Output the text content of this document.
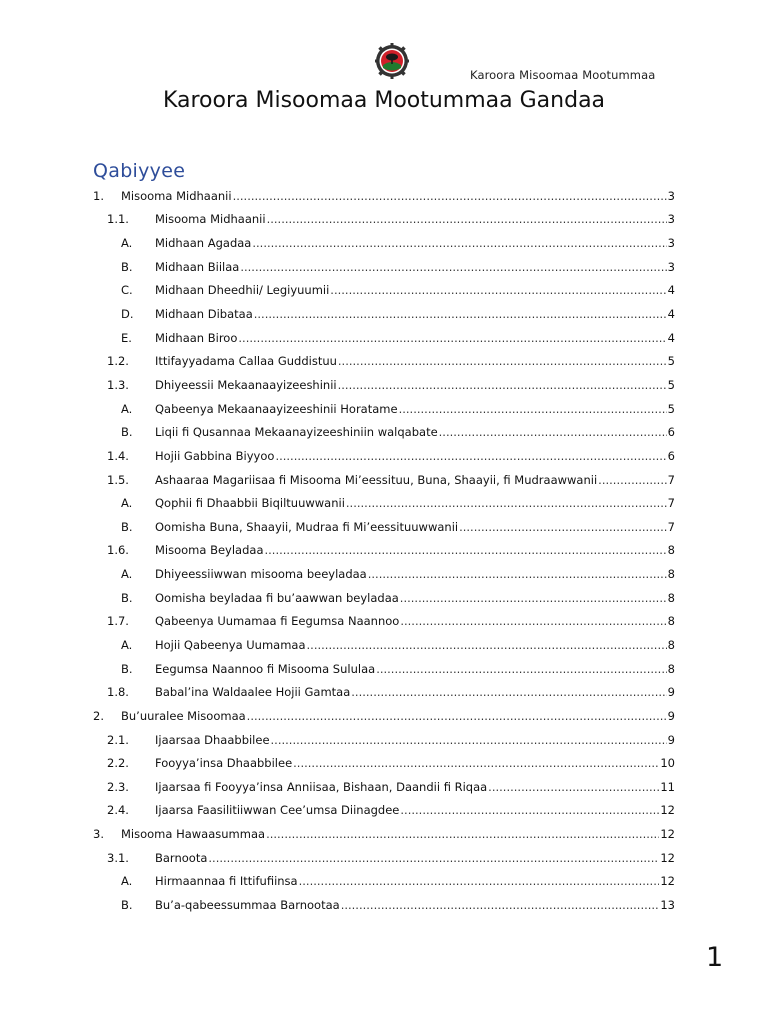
Karoora Misoomaa Mootummaa
Karoora Misoomaa Mootummaa Gandaa
Qabiyyee
1. Misooma Midhaanii .....	3
1.1. Misooma Midhaanii .....	3
A. Midhaan Agadaa .....	3
B. Midhaan Biilaa .....	3
C. Midhaan Dheedhii/ Legiyuumii .....	4
D. Midhaan Dibataa .....	4
E. Midhaan Biroo .....	4
1.2. Ittifayyadama Callaa Guddistuu .....	5
1.3. Dhiyeessii Mekaanaayizeeshinii .....	5
A. Qabeenya Mekaanaayizeeshinii Horatame .....	5
B. Liqii fi Qusannaa Mekaanayizeeshiniin walqabate .....	6
1.4. Hojii Gabbina Biyyoo .....	6
1.5. Ashaaraa Magariisaa fi Misooma Mi’eessituu, Buna, Shaayii, fi Mudraawwanii .....	7
A. Qophii fi Dhaabbii Biqiltuuwwanii .....	7
B. Oomisha Buna, Shaayii, Mudraa fi Mi’eessituuwwanii .....	7
1.6. Misooma Beyladaa .....	8
A. Dhiyeessiiwwan misooma beeyladaa .....	8
B. Oomisha beyladaa fi bu’aawwan beyladaa .....	8
1.7. Qabeenya Uumamaa fi Eegumsa Naannoo .....	8
A. Hojii Qabeenya Uumamaa .....	8
B. Eegumsa Naannoo fi Misooma Sululaa .....	8
1.8. Babal’ina Waldaalee Hojii Gamtaa .....	9
2. Bu’uuralee Misoomaa .....	9
2.1. Ijaarsaa Dhaabbilee .....	9
2.2. Fooyya’insa Dhaabbilee .....	10
2.3. Ijaarsaa fi Fooyya’insa Anniisaa, Bishaan, Daandii fi Riqaa .....	11
2.4. Ijaarsa Faasilitiiwwan Cee’umsa Diinagdee .....	12
3. Misooma Hawaasummaa .....	12
3.1. Barnoota .....	12
A. Hirmaannaa fi Ittifufiinsa .....	12
B. Bu’a-qabeessummaa Barnootaa .....	13
1
